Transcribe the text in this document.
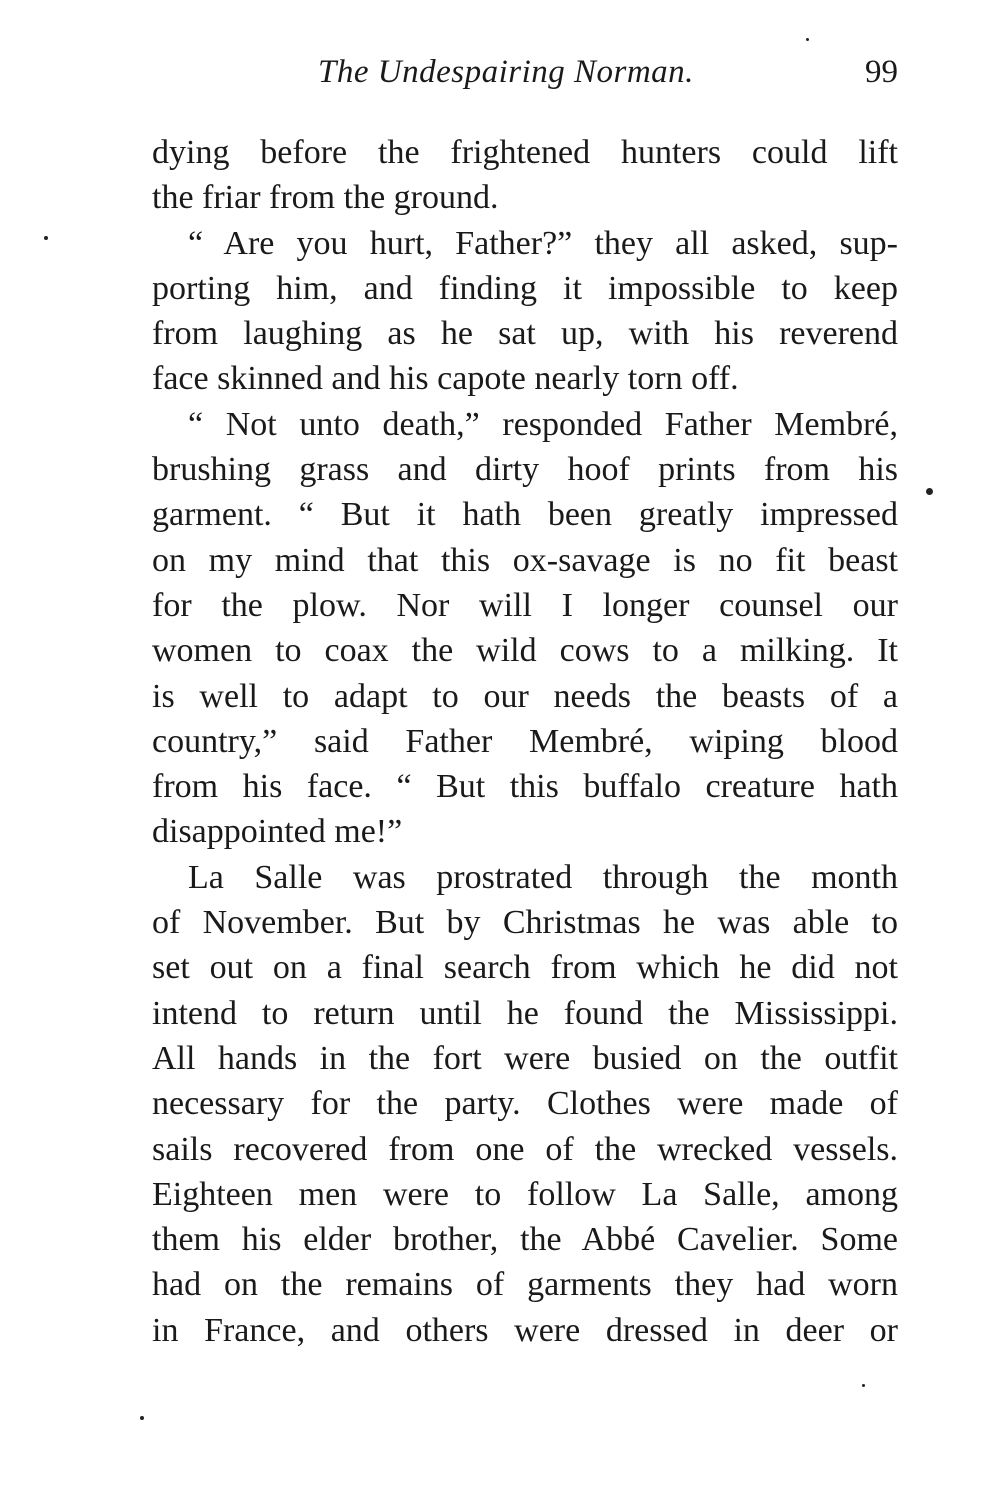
The Undespairing Norman.	99
dying before the frightened hunters could lift
the friar from the ground.
“ Are you hurt, Father?” they all asked, sup-
porting him, and finding it impossible to keep
from laughing as he sat up, with his reverend
face skinned and his capote nearly torn off.
“ Not unto death,” responded Father Membré,
brushing grass and dirty hoof prints from his
garment. “ But it hath been greatly impressed
on my mind that this ox-savage is no fit beast
for the plow. Nor will I longer counsel our
women to coax the wild cows to a milking. It
is well to adapt to our needs the beasts of a
country,” said Father Membré, wiping blood
from his face. “ But this buffalo creature hath
disappointed me!”
La Salle was prostrated through the month
of November. But by Christmas he was able to
set out on a final search from which he did not
intend to return until he found the Mississippi.
All hands in the fort were busied on the outfit
necessary for the party. Clothes were made of
sails recovered from one of the wrecked vessels.
Eighteen men were to follow La Salle, among
them his elder brother, the Abbé Cavelier. Some
had on the remains of garments they had worn
in France, and others were dressed in deer or
